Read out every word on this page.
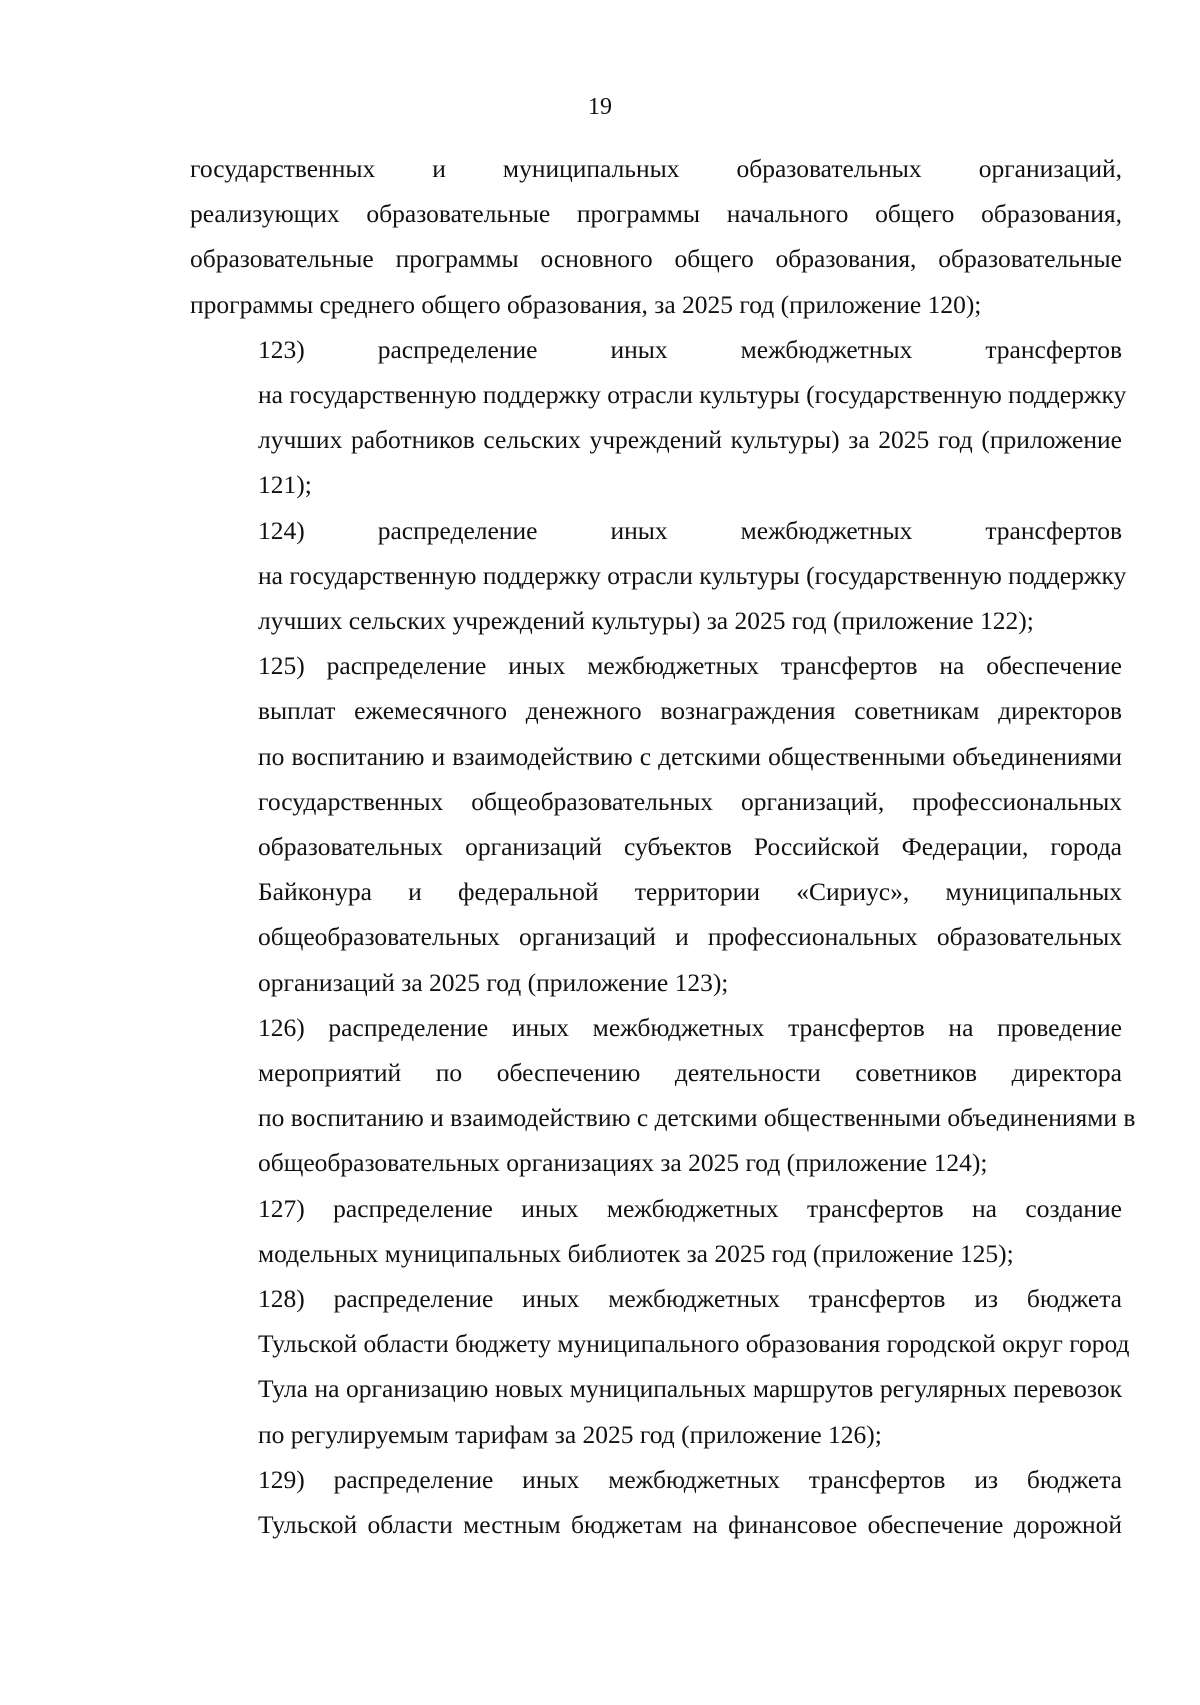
19
государственных и муниципальных образовательных организаций,
реализующих образовательные программы начального общего образования,
образовательные программы основного общего образования, образовательные
программы среднего общего образования, за 2025 год (приложение 120);
123) распределение иных межбюджетных трансфертов
на государственную поддержку отрасли культуры (государственную поддержку
лучших работников сельских учреждений культуры) за 2025 год (приложение
121);
124) распределение иных межбюджетных трансфертов
на государственную поддержку отрасли культуры (государственную поддержку
лучших сельских учреждений культуры) за 2025 год (приложение 122);
125) распределение иных межбюджетных трансфертов на обеспечение
выплат ежемесячного денежного вознаграждения советникам директоров
по воспитанию и взаимодействию с детскими общественными объединениями
государственных общеобразовательных организаций, профессиональных
образовательных организаций субъектов Российской Федерации, города
Байконура и федеральной территории «Сириус», муниципальных
общеобразовательных организаций и профессиональных образовательных
организаций за 2025 год (приложение 123);
126) распределение иных межбюджетных трансфертов на проведение
мероприятий по обеспечению деятельности советников директора
по воспитанию и взаимодействию с детскими общественными объединениями в
общеобразовательных организациях за 2025 год (приложение 124);
127) распределение иных межбюджетных трансфертов на создание
модельных муниципальных библиотек за 2025 год (приложение 125);
128) распределение иных межбюджетных трансфертов из бюджета
Тульской области бюджету муниципального образования городской округ город
Тула на организацию новых муниципальных маршрутов регулярных перевозок
по регулируемым тарифам за 2025 год (приложение 126);
129) распределение иных межбюджетных трансфертов из бюджета
Тульской области местным бюджетам на финансовое обеспечение дорожной
